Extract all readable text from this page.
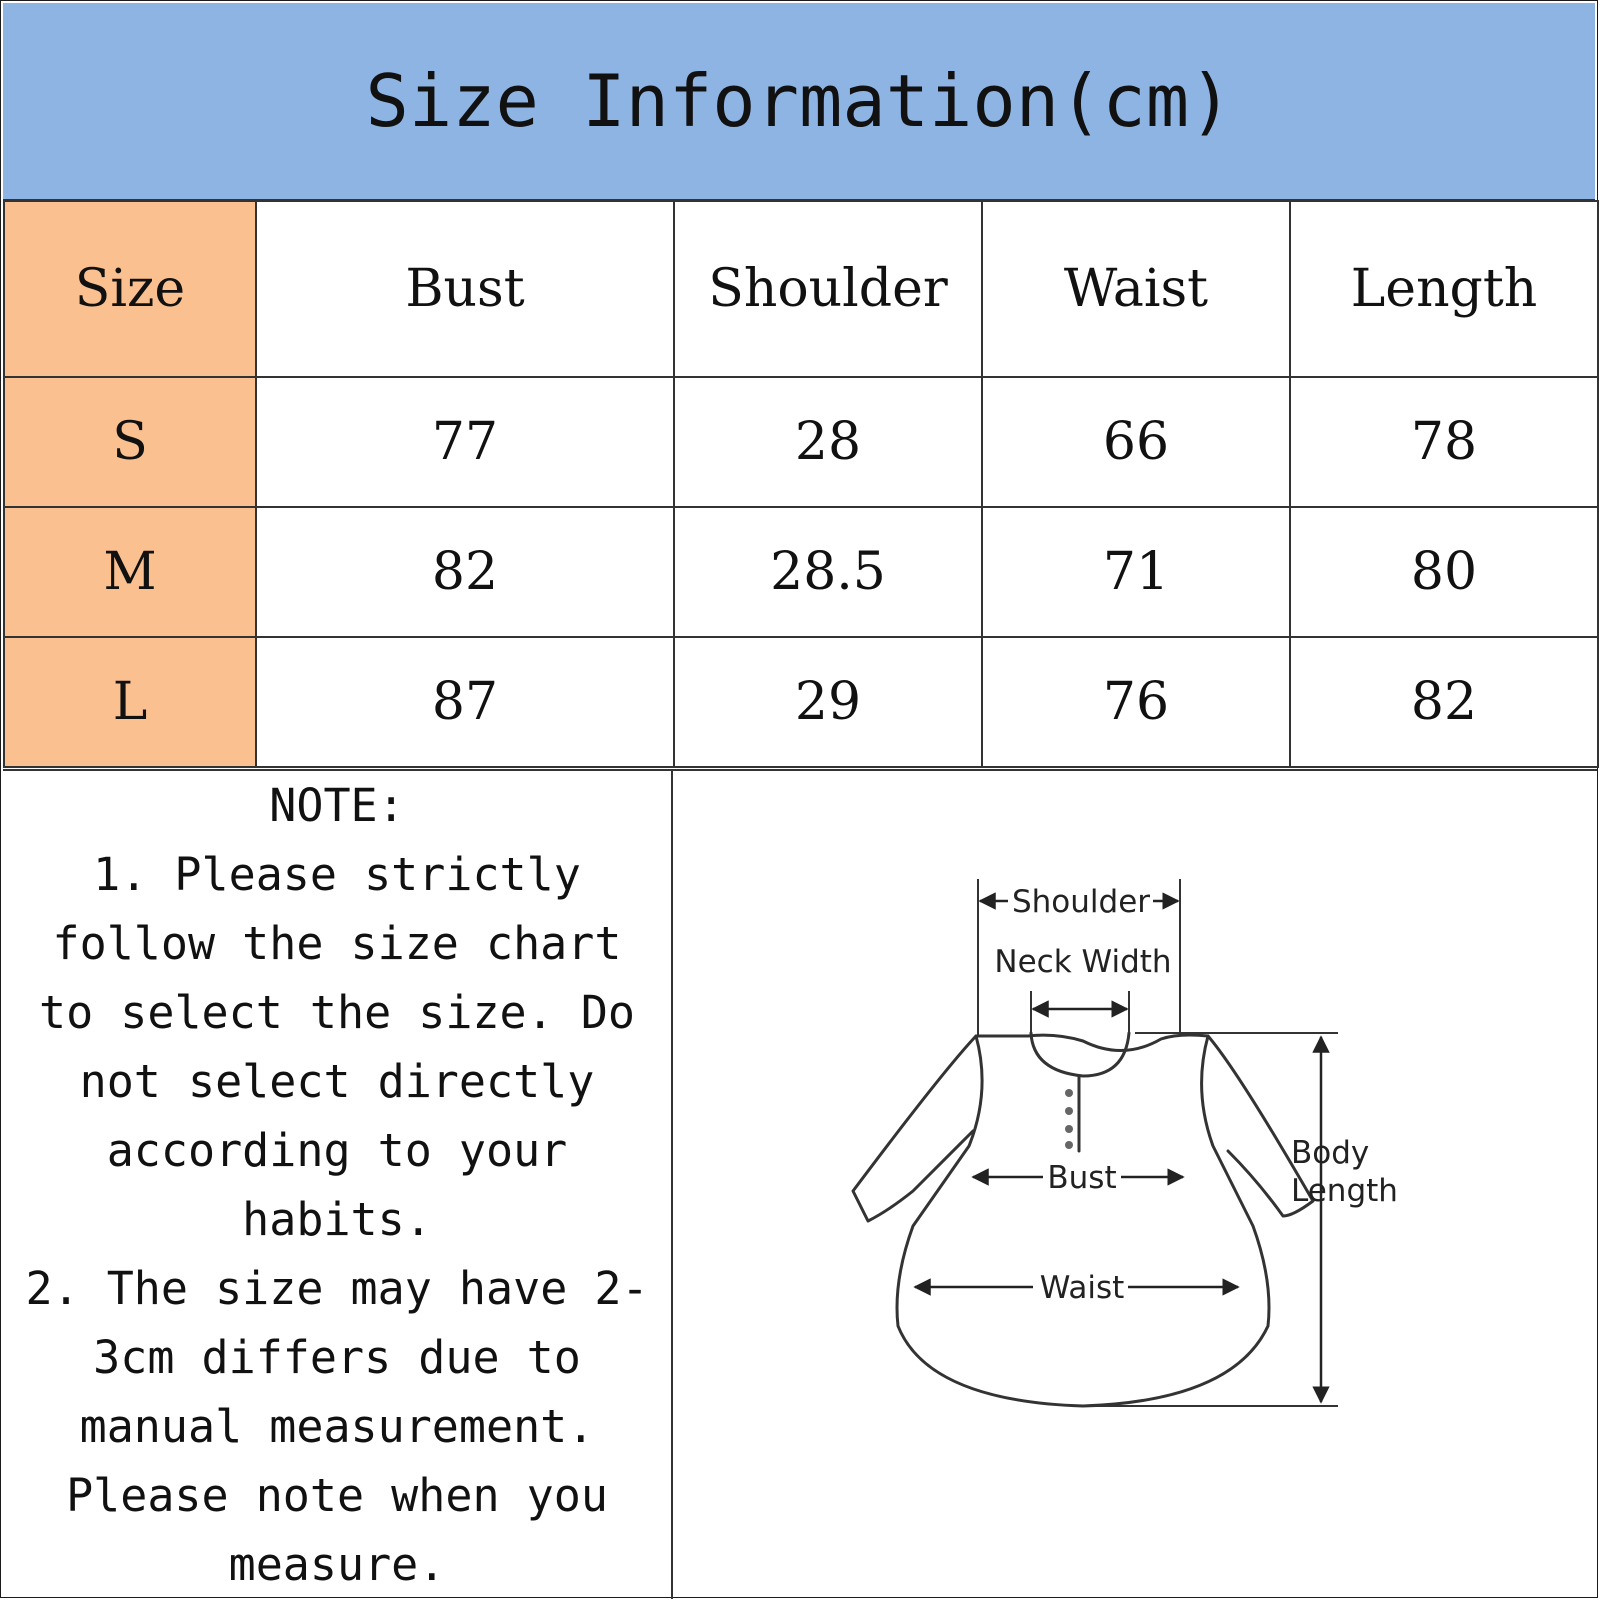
Size Information(cm)
Size	Bust	Shoulder	Waist	Length
S	77	28	66	78
M	82	28.5	71	80
L	87	29	76	82
NOTE:
1. Please strictly
follow the size chart
to select the size. Do
not select directly
according to your
habits.
2. The size may have 2-
3cm differs due to
manual measurement.
Please note when you
measure.
Shoulder
Neck Width
Bust
Waist
Body
Length
